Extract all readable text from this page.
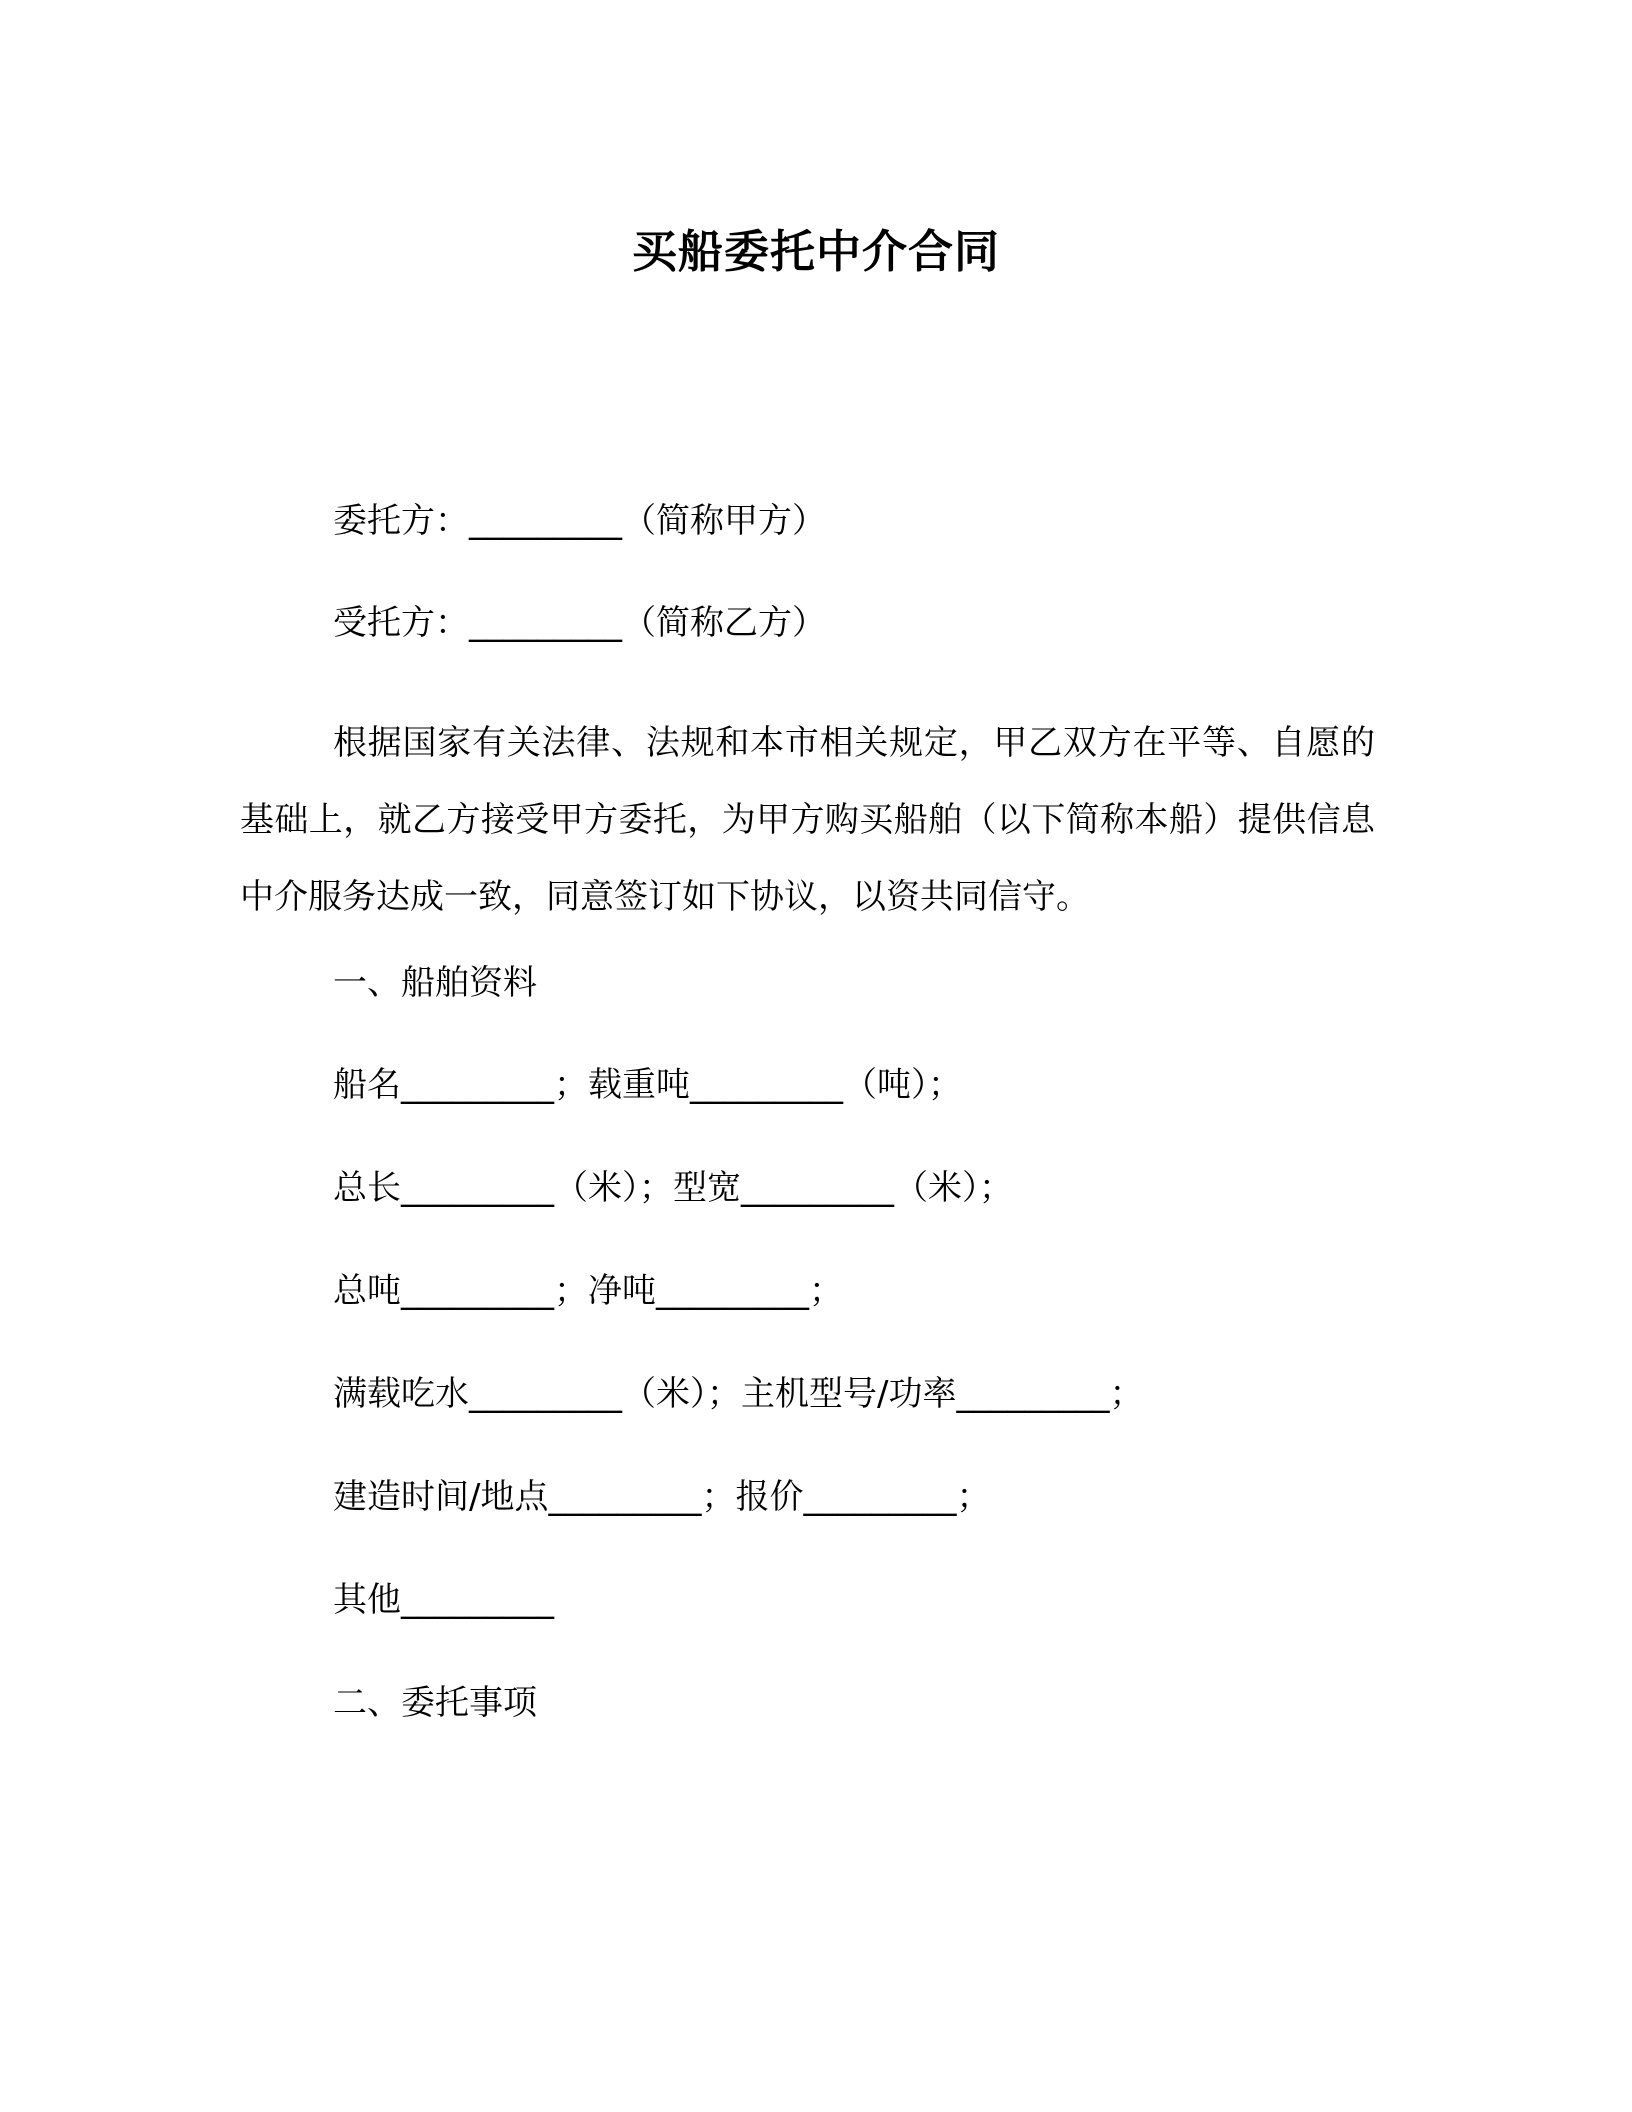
买船委托中介合同
委托方：_________（简称甲方）
受托方：_________（简称乙方）
根据国家有关法律、法规和本市相关规定，甲乙双方在平等、自愿的基础上，就乙方接受甲方委托，为甲方购买船舶（以下简称本船）提供信息中介服务达成一致，同意签订如下协议，以资共同信守。
一、船舶资料
船名_________；载重吨_________（吨）；
总长_________（米）；型宽_________（米）；
总吨_________；净吨_________；
满载吃水_________（米）；主机型号/功率_________；
建造时间/地点_________；报价_________；
其他_________
二、委托事项
